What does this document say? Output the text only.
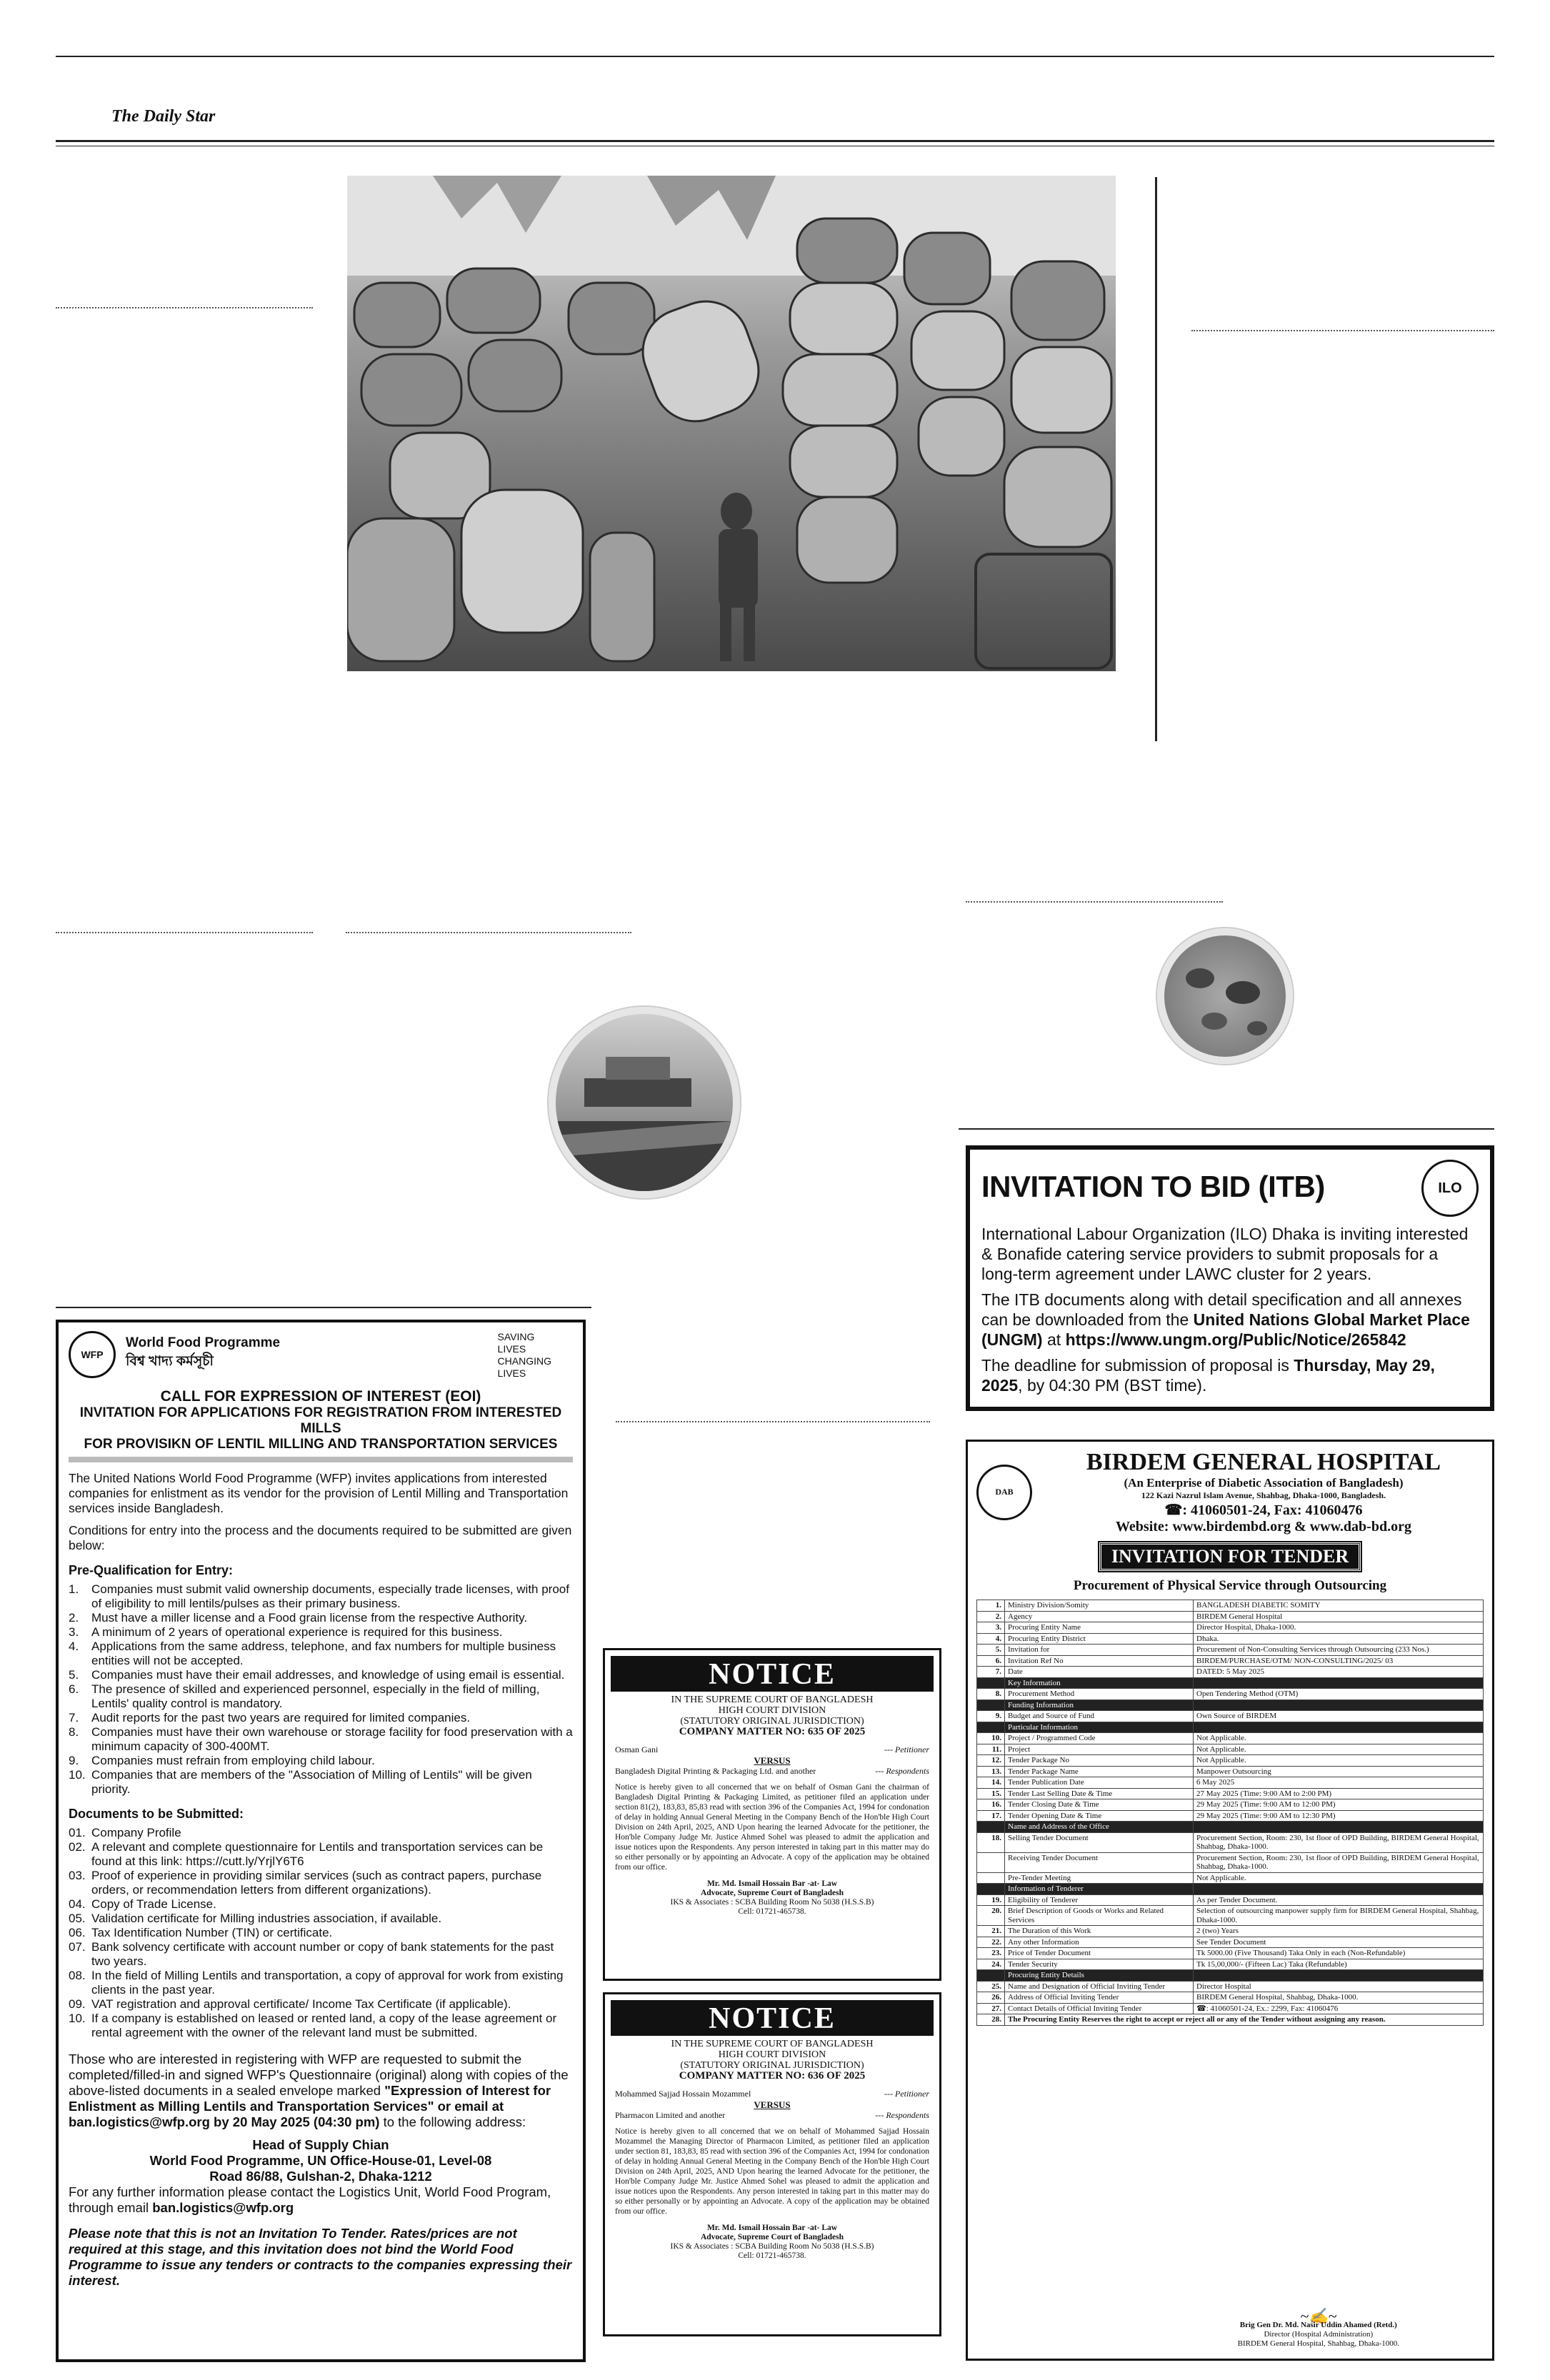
The Daily Star
INVITATION TO BID (ITB)	ILO

International Labour Organization (ILO) Dhaka is inviting interested & Bonafide catering service providers to submit proposals for a long-term agreement under LAWC cluster for 2 years.

The ITB documents along with detail specification and all annexes can be downloaded from the United Nations Global Market Place (UNGM) at https://www.ungm.org/Public/Notice/265842

The deadline for submission of proposal is Thursday, May 29, 2025, by 04:30 PM (BST time).

WFP
World Food Programme
বিশ্ব খাদ্য কর্মসূচী
SAVING
LIVES
CHANGING
LIVES
CALL FOR EXPRESSION OF INTEREST (EOI)
INVITATION FOR APPLICATIONS FOR REGISTRATION FROM INTERESTED MILLS
FOR PROVISIKN OF LENTIL MILLING AND TRANSPORTATION SERVICES

The United Nations World Food Programme (WFP) invites applications from interested companies for enlistment as its vendor for the provision of Lentil Milling and Transportation services inside Bangladesh.

Conditions for entry into the process and the documents required to be submitted are given below:

Pre-Qualification for Entry:
1.	Companies must submit valid ownership documents, especially trade licenses, with proof of eligibility to mill lentils/pulses as their primary business.
2.	Must have a miller license and a Food grain license from the respective Authority.
3.	A minimum of 2 years of operational experience is required for this business.
4.	Applications from the same address, telephone, and fax numbers for multiple business entities will not be accepted.
5.	Companies must have their email addresses, and knowledge of using email is essential.
6.	The presence of skilled and experienced personnel, especially in the field of milling, Lentils' quality control is mandatory.
7.	Audit reports for the past two years are required for limited companies.
8.	Companies must have their own warehouse or storage facility for food preservation with a minimum capacity of 300-400MT.
9.	Companies must refrain from employing child labour.
10. Companies that are members of the "Association of Milling of Lentils" will be given priority.
Documents to be Submitted:
01. Company Profile
02. A relevant and complete questionnaire for Lentils and transportation services can be found at this link: https://cutt.ly/YrjlY6T6
03. Proof of experience in providing similar services (such as contract papers, purchase orders, or recommendation letters from different organizations).
04. Copy of Trade License.
05. Validation certificate for Milling industries association, if available.
06. Tax Identification Number (TIN) or certificate.
07. Bank solvency certificate with account number or copy of bank statements for the past two years.
08. In the field of Milling Lentils and transportation, a copy of approval for work from existing clients in the past year.
09. VAT registration and approval certificate/ Income Tax Certificate (if applicable).
10. If a company is established on leased or rented land, a copy of the lease agreement or rental agreement with the owner of the relevant land must be submitted.

Those who are interested in registering with WFP are requested to submit the completed/filled-in and signed WFP's Questionnaire (original) along with copies of the above-listed documents in a sealed envelope marked "Expression of Interest for Enlistment as Milling Lentils and Transportation Services" or email at ban.logistics@wfp.org by 20 May 2025 (04:30 pm) to the following address:

Head of Supply Chian
World Food Programme, UN Office-House-01, Level-08
Road 86/88, Gulshan-2, Dhaka-1212

For any further information please contact the Logistics Unit, World Food Program, through email ban.logistics@wfp.org

Please note that this is not an Invitation To Tender. Rates/prices are not required at this stage, and this invitation does not bind the World Food Programme to issue any tenders or contracts to the companies expressing their interest.

NOTICE
IN THE SUPREME COURT OF BANGLADESH
HIGH COURT DIVISION
(STATUTORY ORIGINAL JURISDICTION)
COMPANY MATTER NO: 635 OF 2025
Osman Gani	--- Petitioner
VERSUS
Bangladesh Digital Printing & Packaging Ltd. and another	--- Respondents
Notice is hereby given to all concerned that we on behalf of Osman Gani the chairman of Bangladesh Digital Printing & Packaging Limited, as petitioner filed an application under section 81(2), 183,83, 85,83 read with section 396 of the Companies Act, 1994 for condonation of delay in holding Annual General Meeting in the Company Bench of the Hon'ble High Court Division on 24th April, 2025, AND Upon hearing the learned Advocate for the petitioner, the Hon'ble Company Judge Mr. Justice Ahmed Sohel was pleased to admit the application and issue notices upon the Respondents. Any person interested in taking part in this matter may do so either personally or by appointing an Advocate. A copy of the application may be obtained from our office.
Mr. Md. Ismail Hossain Bar -at- Law
Advocate, Supreme Court of Bangladesh
IKS & Associates : SCBA Building Room No 5038 (H.S.S.B)
Cell: 01721-465738.
NOTICE
IN THE SUPREME COURT OF BANGLADESH
HIGH COURT DIVISION
(STATUTORY ORIGINAL JURISDICTION)
COMPANY MATTER NO: 636 OF 2025
Mohammed Sajjad Hossain Mozammel	--- Petitioner
VERSUS
Pharmacon Limited and another	--- Respondents
Notice is hereby given to all concerned that we on behalf of Mohammed Sajjad Hossain Mozammel the Managing Director of Pharmacon Limited, as petitioner filed an application under section 81, 183,83, 85 read with section 396 of the Companies Act, 1994 for condonation of delay in holding Annual General Meeting in the Company Bench of the Hon'ble High Court Division on 24th April, 2025, AND Upon hearing the learned Advocate for the petitioner, the Hon'ble Company Judge Mr. Justice Ahmed Sohel was pleased to admit the application and issue notices upon the Respondents. Any person interested in taking part in this matter may do so either personally or by appointing an Advocate. A copy of the application may be obtained from our office.
Mr. Md. Ismail Hossain Bar -at- Law
Advocate, Supreme Court of Bangladesh
IKS & Associates : SCBA Building Room No 5038 (H.S.S.B)
Cell: 01721-465738.
DAB
BIRDEM GENERAL HOSPITAL
(An Enterprise of Diabetic Association of Bangladesh)
122 Kazi Nazrul Islam Avenue, Shahbag, Dhaka-1000, Bangladesh.
☎: 41060501-24, Fax: 41060476
Website: www.birdembd.org & www.dab-bd.org
INVITATION FOR TENDER
Procurement of Physical Service through Outsourcing
1.	Ministry Division/Somity	BANGLADESH DIABETIC SOMITY
2.	Agency	BIRDEM General Hospital
3.	Procuring Entity Name	Director Hospital, Dhaka-1000.
4.	Procuring Entity District	Dhaka.
5.	Invitation for	Procurement of Non-Consulting Services through Outsourcing (233 Nos.)
6.	Invitation Ref No	BIRDEM/PURCHASE/OTM/ NON-CONSULTING/2025/ 03
7.	Date	DATED: 5 May 2025
	Key Information	
8.	Procurement Method	Open Tendering Method (OTM)
	Funding Information	
9.	Budget and Source of Fund	Own Source of BIRDEM
	Particular Information	
10.	Project / Programmed Code	Not Applicable.
11.	Project	Not Applicable.
12.	Tender Package No	Not Applicable.
13.	Tender Package Name	Manpower Outsourcing
14.	Tender Publication Date	6 May 2025
15.	Tender Last Selling Date & Time	27 May 2025 (Time: 9:00 AM to 2:00 PM)
16.	Tender Closing Date & Time	29 May 2025 (Time: 9:00 AM to 12:00 PM)
17.	Tender Opening Date & Time	29 May 2025 (Time: 9:00 AM to 12:30 PM)
	Name and Address of the Office	
18.	Selling Tender Document	Procurement Section, Room: 230, 1st floor of OPD Building, BIRDEM General Hospital, Shahbag, Dhaka-1000.
	Receiving Tender Document	Procurement Section, Room: 230, 1st floor of OPD Building, BIRDEM General Hospital, Shahbag, Dhaka-1000.
	Pre-Tender Meeting	Not Applicable.
	Information of Tenderer	
19.	Eligibility of Tenderer	As per Tender Document.
20.	Brief Description of Goods or Works and Related Services	Selection of outsourcing manpower supply firm for BIRDEM General Hospital, Shahbag, Dhaka-1000.
21.	The Duration of this Work	2 (two) Years
22.	Any other Information	See Tender Document
23.	Price of Tender Document	Tk 5000.00 (Five Thousand) Taka Only in each (Non-Refundable)
24.	Tender Security	Tk 15,00,000/- (Fifteen Lac) Taka (Refundable)
	Procuring Entity Details	
25.	Name and Designation of Official Inviting Tender	Director Hospital
26.	Address of Official Inviting Tender	BIRDEM General Hospital, Shahbag, Dhaka-1000.
27.	Contact Details of Official Inviting Tender	☎: 41060501-24, Ex.: 2299, Fax: 41060476
28.	The Procuring Entity Reserves the right to accept or reject all or any of the Tender without assigning any reason.	
~✍~
Brig Gen Dr. Md. Nasir Uddin Ahamed (Retd.)
Director (Hospital Administration)
BIRDEM General Hospital, Shahbag, Dhaka-1000.
